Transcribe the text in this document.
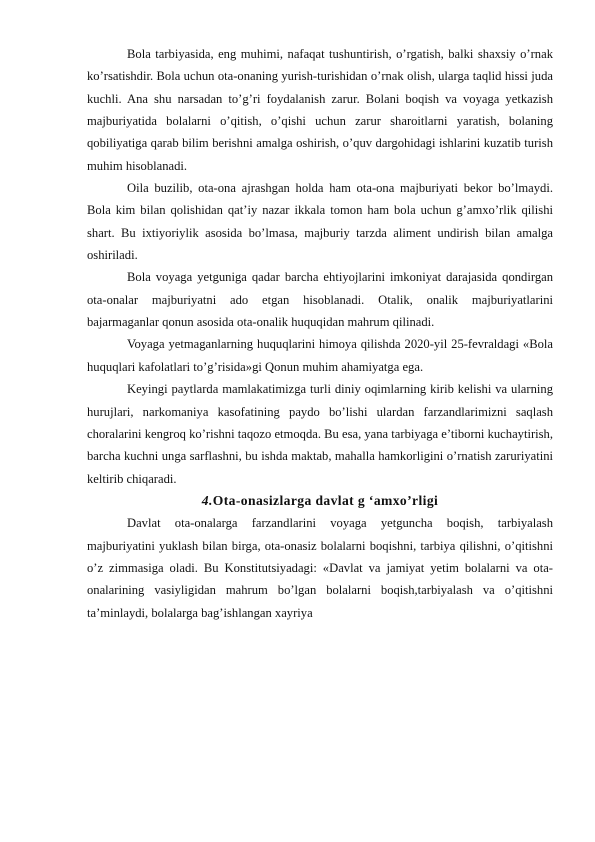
Bola tarbiyasida, eng muhimi, nafaqat tushuntirish, o’rgatish, balki shaxsiy o’rnak ko’rsatishdir. Bola uchun ota-onaning yurish-turishidan o’rnak olish, ularga taqlid hissi juda kuchli. Ana shu narsadan to’g’ri foydalanish zarur. Bolani boqish va voyaga yetkazish majburiyatida bolalarni o’qitish, o’qishi uchun zarur sharoitlarni yaratish, bolaning qobiliyatiga qarab bilim berishni amalga oshirish, o’quv dargohidagi ishlarini kuzatib turish muhim hisoblanadi.

Oila buzilib, ota-ona ajrashgan holda ham ota-ona majburiyati bekor bo’lmaydi. Bola kim bilan qolishidan qat’iy nazar ikkala tomon ham bola uchun g’amxo’rlik qilishi shart. Bu ixtiyoriylik asosida bo’lmasa, majburiy tarzda aliment undirish bilan amalga oshiriladi.

Bola voyaga yetguniga qadar barcha ehtiyojlarini imkoniyat darajasida qondirgan ota-onalar majburiyatni ado etgan hisoblanadi. Otalik, onalik majburiyatlarini bajarmaganlar qonun asosida ota-onalik huquqidan mahrum qilinadi.

Voyaga yetmaganlarning huquqlarini himoya qilishda 2020-yil 25-fevraldagi «Bola huquqlari kafolatlari to’g’risida»gi Qonun muhim ahamiyatga ega.

Keyingi paytlarda mamlakatimizga turli diniy oqimlarning kirib kelishi va ularning hurujlari, narkomaniya kasofatining paydo bo’lishi ulardan farzandlarimizni saqlash choralarini kengroq ko’rishni taqozo etmoqda. Bu esa, yana tarbiyaga e’tiborni kuchaytirish, barcha kuchni unga sarflashni, bu ishda maktab, mahalla hamkorligini o’rnatish zaruriyatini keltirib chiqaradi.

4.Ota-onasizlarga davlat g ‘amxo’rligi

Davlat ota-onalarga farzandlarini voyaga yetguncha boqish, tarbiyalash majburiyatini yuklash bilan birga, ota-onasiz bolalarni boqishni, tarbiya qilishni, o’qitishni o’z zimmasiga oladi. Bu Konstitutsiyadagi: «Davlat va jamiyat yetim bolalarni va ota-onalarining vasiyligidan mahrum bo’lgan bolalarni boqish,tarbiyalash va o’qitishni ta’minlaydi, bolalarga bag’ishlangan xayriya
